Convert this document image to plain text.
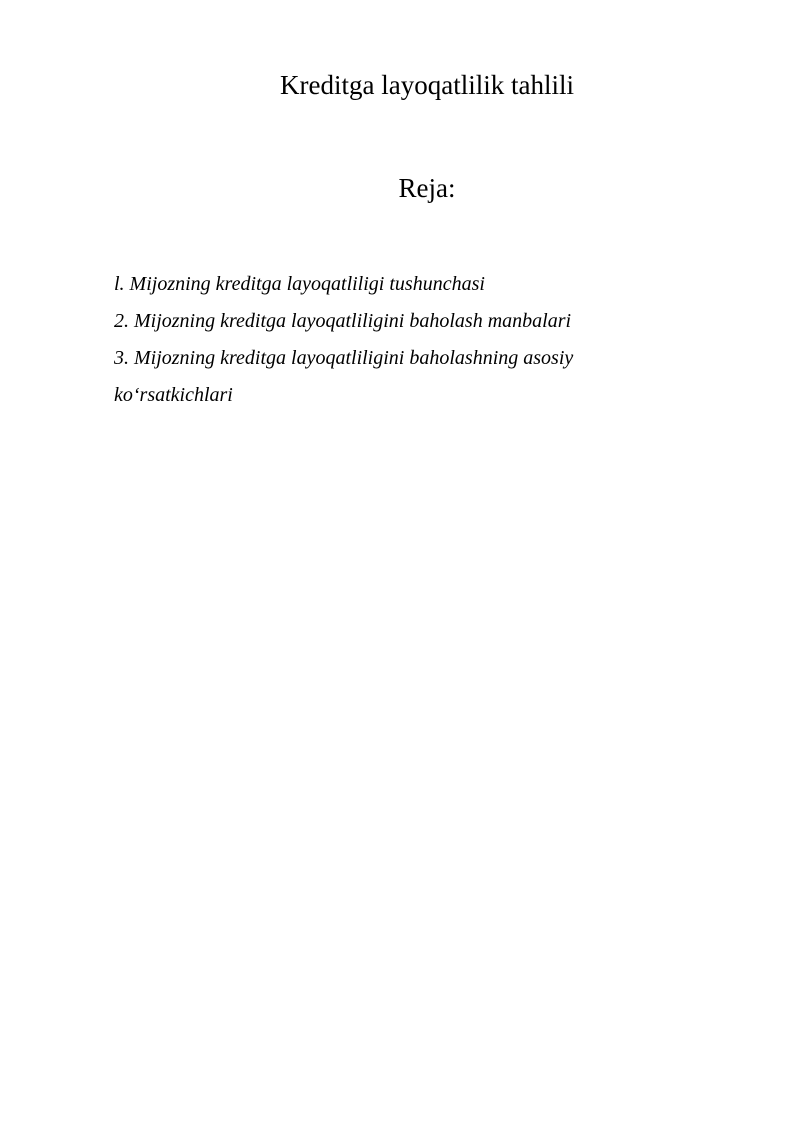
Kreditga layoqatlilik tahlili
Reja:
l. Mijozning kreditga layoqatliligi tushunchasi
2. Mijozning kreditga layoqatliligini baholash manbalari
3. Mijozning kreditga layoqatliligini baholashning asosiy ko‘rsatkichlari
